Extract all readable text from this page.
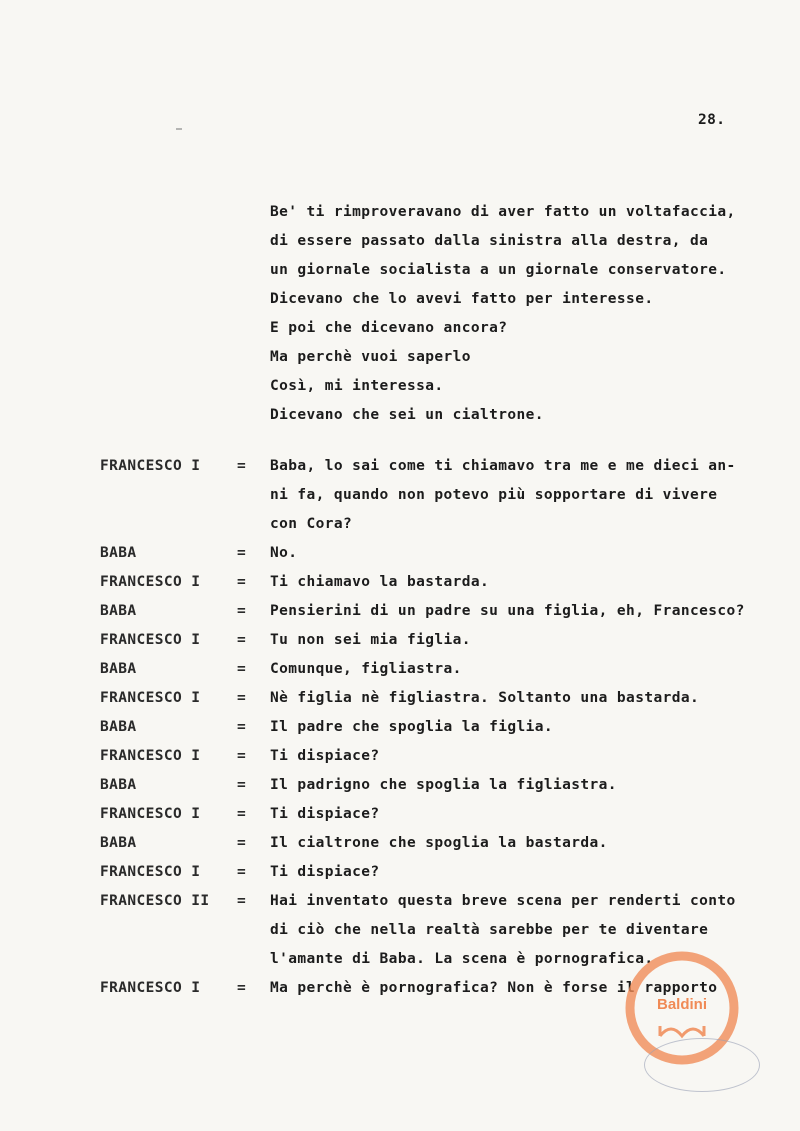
28.
Be' ti rimproveravano di aver fatto un voltafaccia,
di essere passato dalla sinistra alla destra, da
un giornale socialista a un giornale conservatore.
Dicevano che lo avevi fatto per interesse.
E poi che dicevano ancora?
Ma perchè vuoi saperlo
Così, mi interessa.
Dicevano che sei un cialtrone.
FRANCESCO I	= Baba, lo sai come ti chiamavo tra me e me dieci an-
ni fa, quando non potevo più sopportare di vivere
con Cora?
BABA	= No.
FRANCESCO I	= Ti chiamavo la bastarda.
BABA	= Pensierini di un padre su una figlia, eh, Francesco?
FRANCESCO I	= Tu non sei mia figlia.
BABA	= Comunque, figliastra.
FRANCESCO I	= Nè figlia nè figliastra. Soltanto una bastarda.
BABA	= Il padre che spoglia la figlia.
FRANCESCO I	= Ti dispiace?
BABA	= Il padrigno che spoglia la figliastra.
FRANCESCO I	= Ti dispiace?
BABA	= Il cialtrone che spoglia la bastarda.
FRANCESCO I	= Ti dispiace?
FRANCESCO II = Hai inventato questa breve scena per renderti conto
di ciò che nella realtà sarebbe per te diventare
l'amante di Baba. La scena è pornografica.
FRANCESCO I	= Ma perchè è pornografica? Non è forse il rapporto
Baldini
